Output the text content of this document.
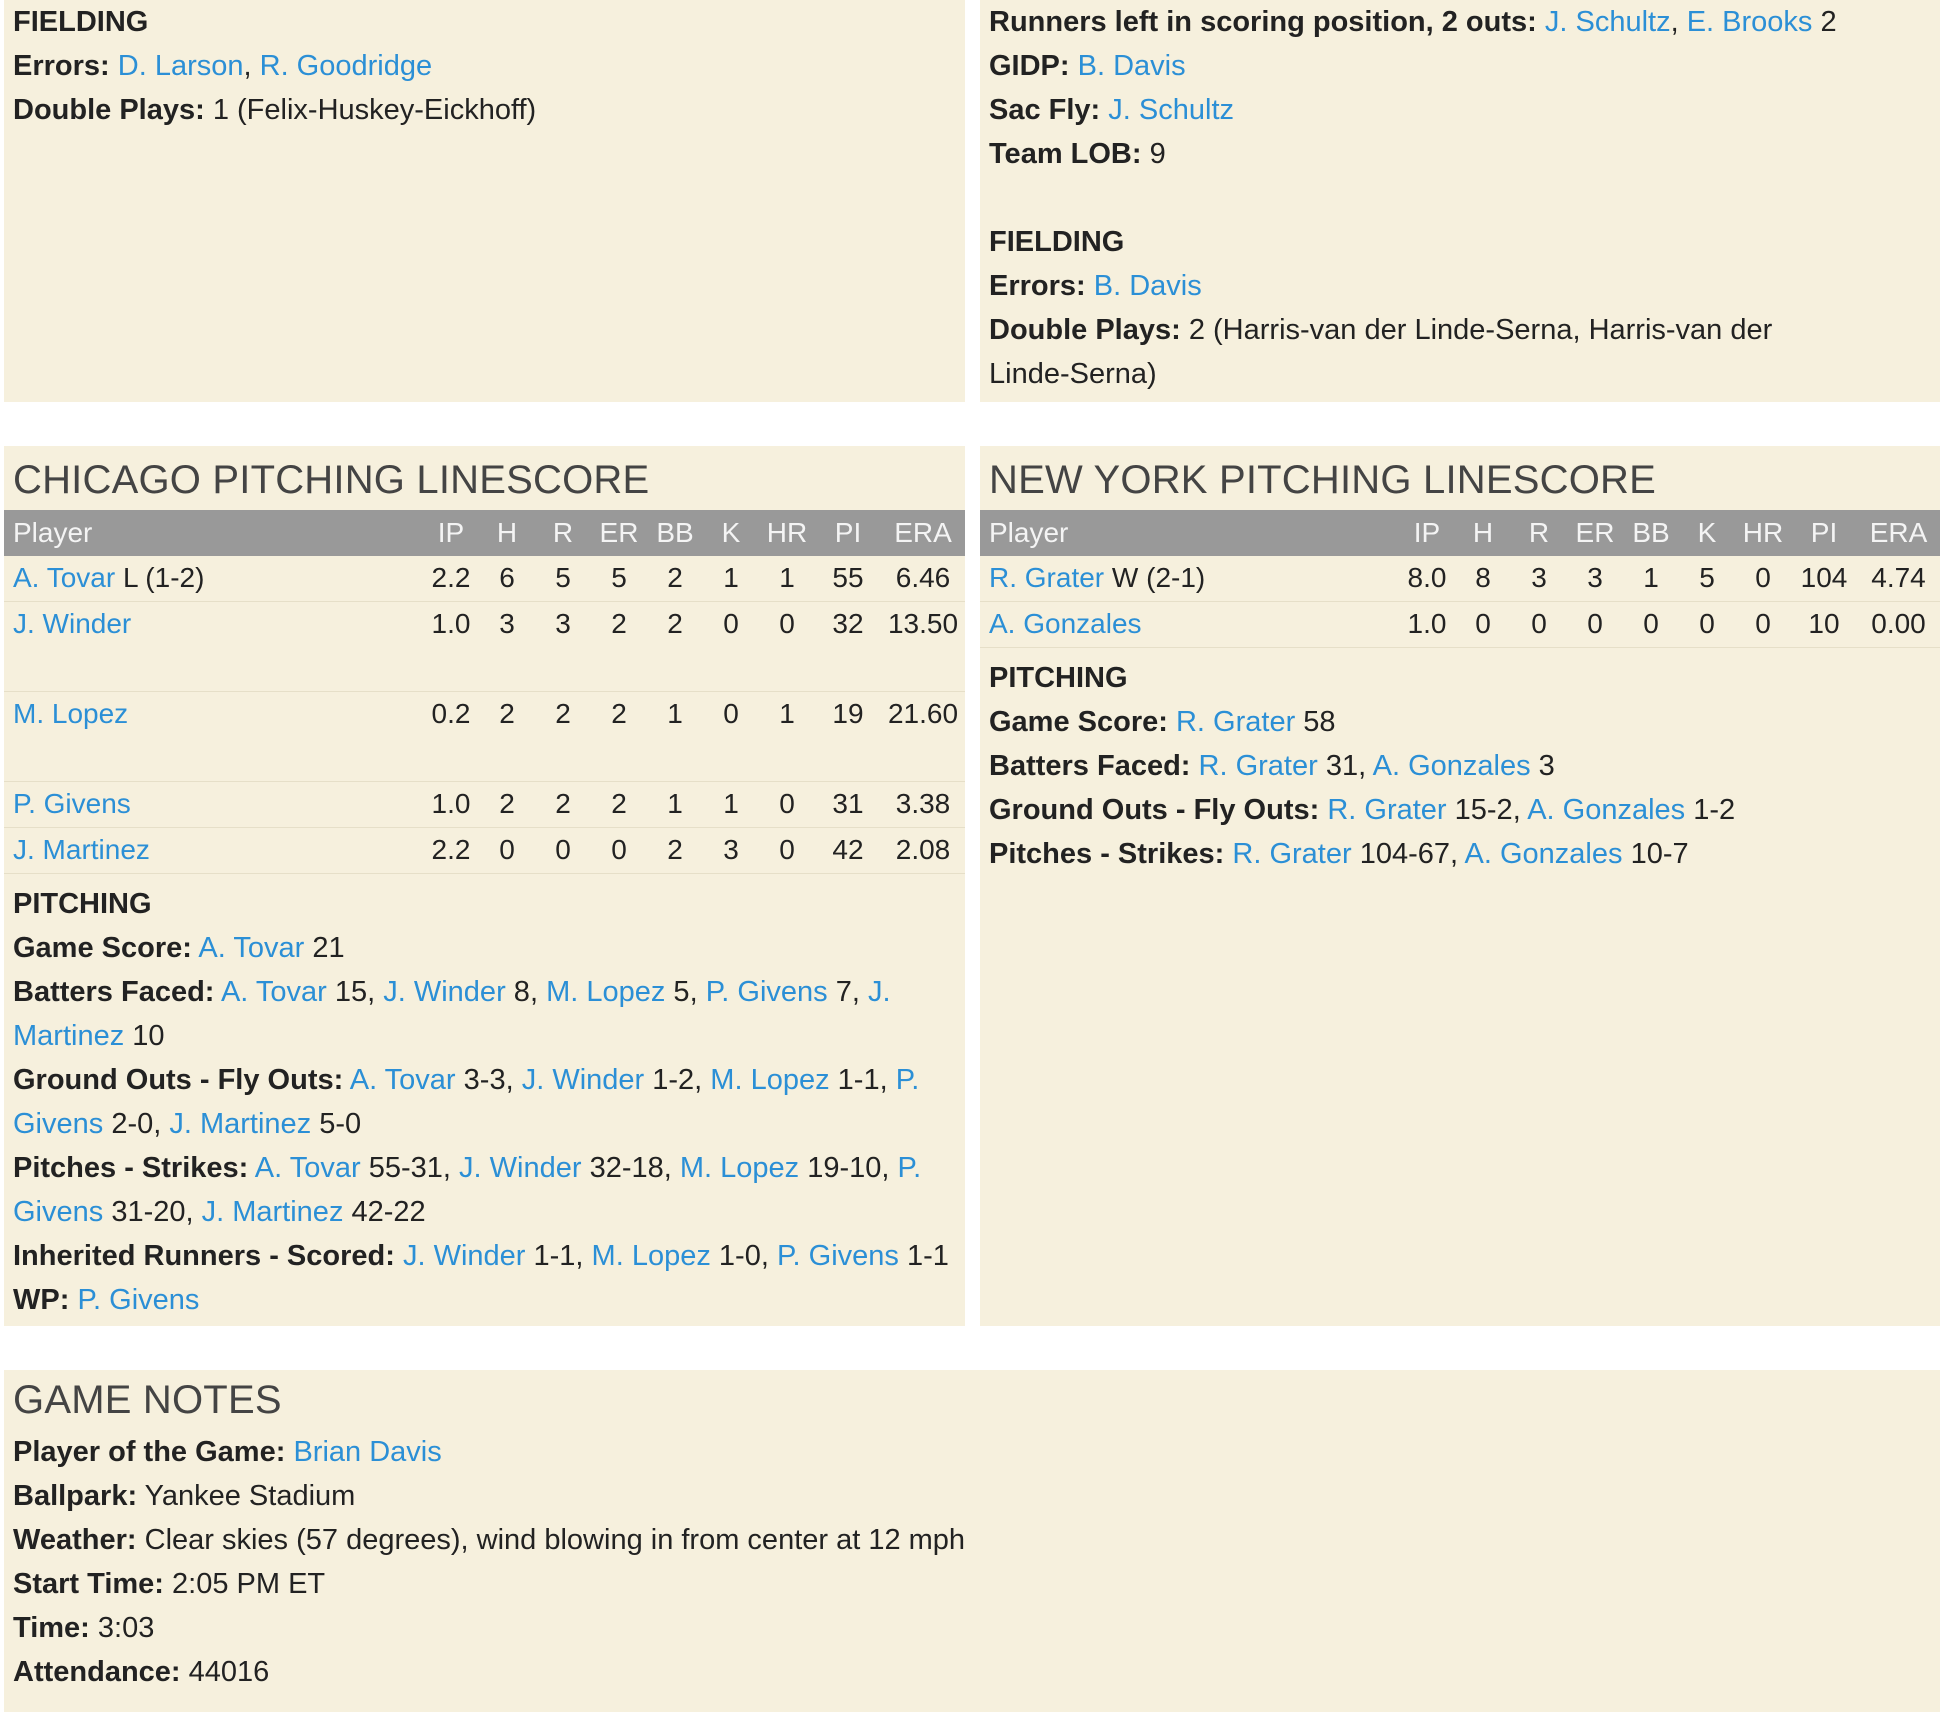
FIELDING

Errors: D. Larson, R. Goodridge

Double Plays: 1 (Felix-Huskey-Eickhoff)

Runners left in scoring position, 2 outs: J. Schultz, E. Brooks 2

GIDP: B. Davis

Sac Fly: J. Schultz

Team LOB: 9

FIELDING

Errors: B. Davis

Double Plays: 2 (Harris-van der Linde-Serna, Harris-van der Linde-Serna)

CHICAGO PITCHING LINESCORE
Player	IP	H	R	ER	BB	K	HR	PI	ERA
A. Tovar L (1-2)	2.2	6	5	5	2	1	1	55	6.46
J. Winder	1.0	3	3	2	2	0	0	32	13.50
M. Lopez	0.2	2	2	2	1	0	1	19	21.60
P. Givens	1.0	2	2	2	1	1	0	31	3.38
J. Martinez	2.2	0	0	0	2	3	0	42	2.08

PITCHING

Game Score: A. Tovar 21

Batters Faced: A. Tovar 15, J. Winder 8, M. Lopez 5, P. Givens 7, J. Martinez 10

Ground Outs - Fly Outs: A. Tovar 3-3, J. Winder 1-2, M. Lopez 1-1, P. Givens 2-0, J. Martinez 5-0

Pitches - Strikes: A. Tovar 55-31, J. Winder 32-18, M. Lopez 19-10, P. Givens 31-20, J. Martinez 42-22

Inherited Runners - Scored: J. Winder 1-1, M. Lopez 1-0, P. Givens 1-1

WP: P. Givens

NEW YORK PITCHING LINESCORE
Player	IP	H	R	ER	BB	K	HR	PI	ERA
R. Grater W (2-1)	8.0	8	3	3	1	5	0	104	4.74
A. Gonzales	1.0	0	0	0	0	0	0	10	0.00

PITCHING

Game Score: R. Grater 58

Batters Faced: R. Grater 31, A. Gonzales 3

Ground Outs - Fly Outs: R. Grater 15-2, A. Gonzales 1-2

Pitches - Strikes: R. Grater 104-67, A. Gonzales 10-7

GAME NOTES

Player of the Game: Brian Davis

Ballpark: Yankee Stadium

Weather: Clear skies (57 degrees), wind blowing in from center at 12 mph

Start Time: 2:05 PM ET

Time: 3:03

Attendance: 44016
